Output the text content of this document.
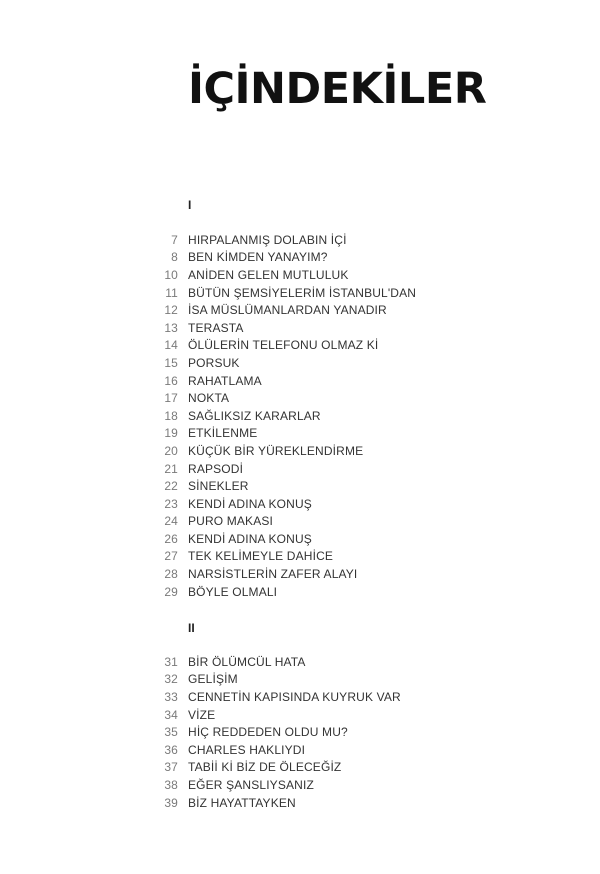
İÇİNDEKİLER
I
7 HIRPALANMIŞ DOLABIN İÇİ
8 BEN KİMDEN YANAYIM?
10 ANİDEN GELEN MUTLULUK
11 BÜTÜN ŞEMSİYELERİM İSTANBUL'DAN
12 İSA MÜSLÜMANLARDAN YANADIR
13 TERASTA
14 ÖLÜLERİN TELEFONU OLMAZ Kİ
15 PORSUK
16 RAHATLAMA
17 NOKTA
18 SAĞLIKSIZ KARARLAR
19 ETKİLENME
20 KÜÇÜK BİR YÜREKLENDİRME
21 RAPSODİ
22 SİNEKLER
23 KENDİ ADINA KONUŞ
24 PURO MAKASI
26 KENDİ ADINA KONUŞ
27 TEK KELİMEYLE DAHİCE
28 NARSİSTLERİN ZAFER ALAYI
29 BÖYLE OLMALI
II
31 BİR ÖLÜMCÜL HATA
32 GELİŞİM
33 CENNETİN KAPISINDA KUYRUK VAR
34 VİZE
35 HİÇ REDDEDEN OLDU MU?
36 CHARLES HAKLIYDI
37 TABİİ Kİ BİZ DE ÖLECEĞİZ
38 EĞER ŞANSLIYSANIZ
39 BİZ HAYATTAYKEN
